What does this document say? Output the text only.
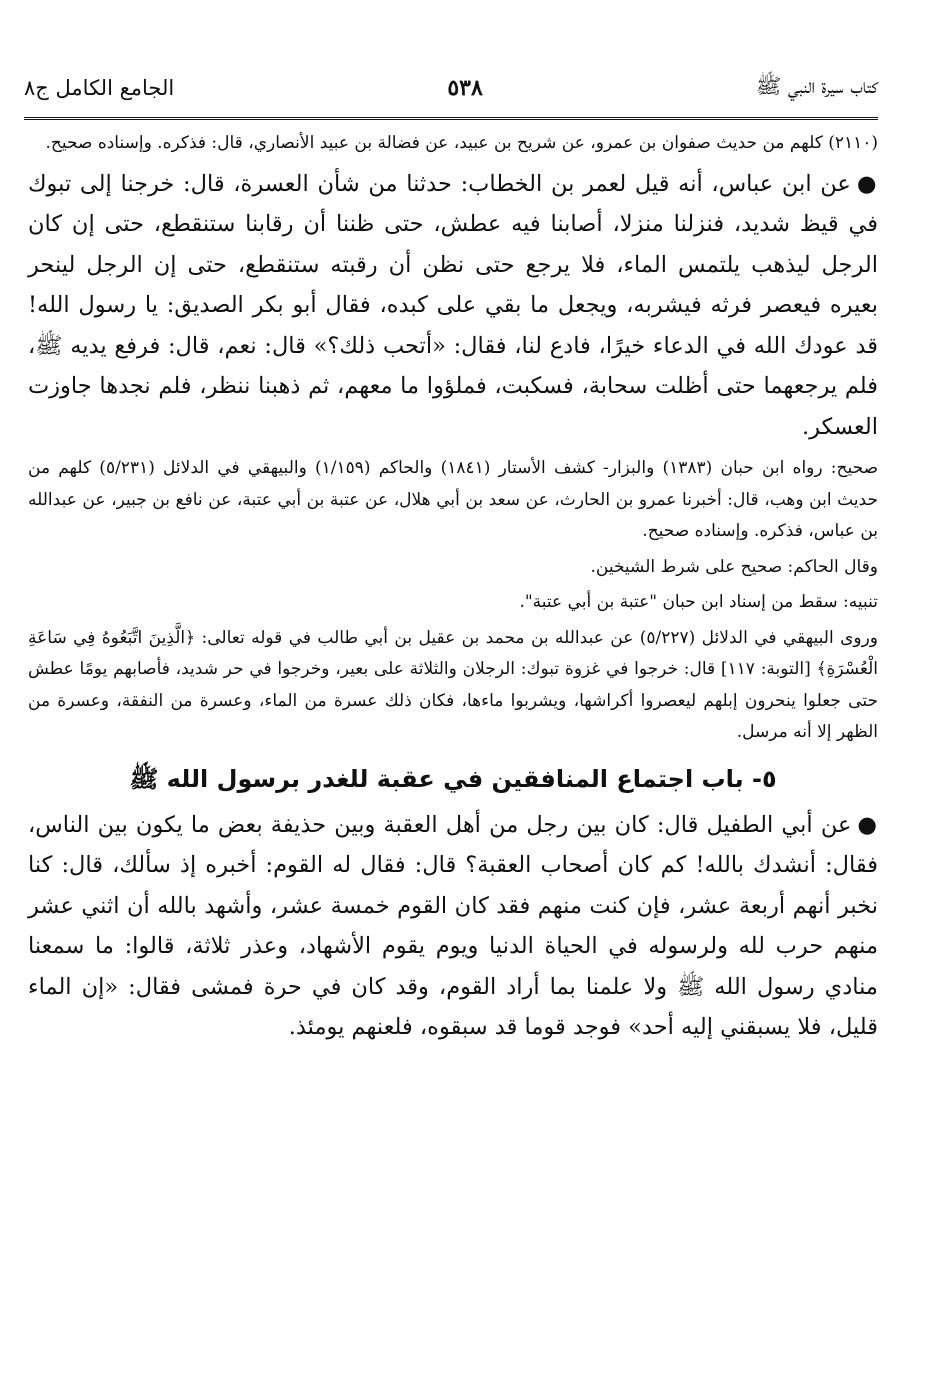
كتاب سيرة النبي ﷺ
٥٣٨
الجامع الكامل ج٨

(٢١١٠) كلهم من حديث صفوان بن عمرو، عن شريح بن عبيد، عن فضالة بن عبيد الأنصاري، قال: فذكره. وإسناده صحيح.

●عن ابن عباس، أنه قيل لعمر بن الخطاب: حدثنا من شأن العسرة، قال: خرجنا إلى تبوك في قيظ شديد، فنزلنا منزلا، أصابنا فيه عطش، حتى ظننا أن رقابنا ستنقطع، حتى إن كان الرجل ليذهب يلتمس الماء، فلا يرجع حتى نظن أن رقبته ستنقطع، حتى إن الرجل لينحر بعيره فيعصر فرثه فيشربه، ويجعل ما بقي على كبده، فقال أبو بكر الصديق: يا رسول الله! قد عودك الله في الدعاء خيرًا، فادع لنا، فقال: «أتحب ذلك؟» قال: نعم، قال: فرفع يديه ﷺ، فلم يرجعهما حتى أظلت سحابة، فسكبت، فملؤوا ما معهم، ثم ذهبنا ننظر، فلم نجدها جاوزت العسكر.

صحيح: رواه ابن حبان (١٣٨٣) والبزار- كشف الأستار (١٨٤١) والحاكم (١/١٥٩) والبيهقي في الدلائل (٥/٢٣١) كلهم من حديث ابن وهب، قال: أخبرنا عمرو بن الحارث، عن سعد بن أبي هلال، عن عتبة بن أبي عتبة، عن نافع بن جبير، عن عبدالله بن عباس، فذكره. وإسناده صحيح.

وقال الحاكم: صحيح على شرط الشيخين.

تنبيه: سقط من إسناد ابن حبان "عتبة بن أبي عتبة".

وروى البيهقي في الدلائل (٥/٢٢٧) عن عبدالله بن محمد بن عقيل بن أبي طالب في قوله تعالى: ﴿الَّذِينَ اتَّبَعُوهُ فِي سَاعَةِ الْعُسْرَةِ﴾ [التوبة: ١١٧] قال: خرجوا في غزوة تبوك: الرجلان والثلاثة على بعير، وخرجوا في حر شديد، فأصابهم يومًا عطش حتى جعلوا ينحرون إبلهم ليعصروا أكراشها، ويشربوا ماءها، فكان ذلك عسرة من الماء، وعسرة من النفقة، وعسرة من الظهر إلا أنه مرسل.

٥- باب اجتماع المنافقين في عقبة للغدر برسول الله ﷺ

●عن أبي الطفيل قال: كان بين رجل من أهل العقبة وبين حذيفة بعض ما يكون بين الناس، فقال: أنشدك بالله! كم كان أصحاب العقبة؟ قال: فقال له القوم: أخبره إذ سألك، قال: كنا نخبر أنهم أربعة عشر، فإن كنت منهم فقد كان القوم خمسة عشر، وأشهد بالله أن اثني عشر منهم حرب لله ولرسوله في الحياة الدنيا ويوم يقوم الأشهاد، وعذر ثلاثة، قالوا: ما سمعنا منادي رسول الله ﷺ ولا علمنا بما أراد القوم، وقد كان في حرة فمشى فقال: «إن الماء قليل، فلا يسبقني إليه أحد» فوجد قوما قد سبقوه، فلعنهم يومئذ.
